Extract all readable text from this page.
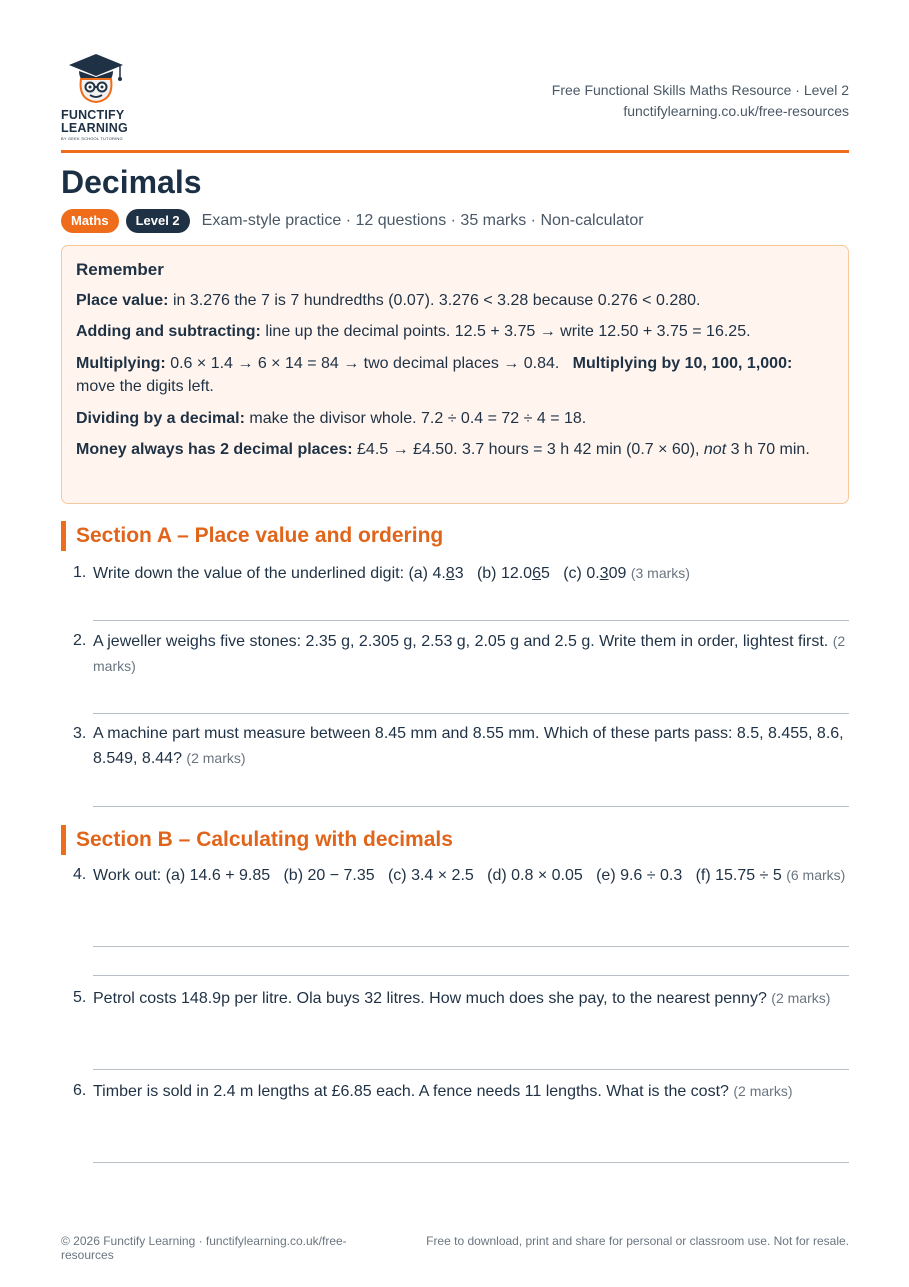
FUNCTIFY
LEARNING
BY GEEK SCHOOL TUTORING
Free Functional Skills Maths Resource · Level 2
functifylearning.co.uk/free-resources
Decimals
Maths	Level 2	Exam-style practice · 12 questions · 35 marks · Non-calculator
Remember

Place value: in 3.276 the 7 is 7 hundredths (0.07). 3.276 < 3.28 because 0.276 < 0.280.

Adding and subtracting: line up the decimal points. 12.5 + 3.75 → write 12.50 + 3.75 = 16.25.

Multiplying: 0.6 × 1.4 → 6 × 14 = 84 → two decimal places → 0.84.   Multiplying by 10, 100, 1,000: move the digits left.

Dividing by a decimal: make the divisor whole. 7.2 ÷ 0.4 = 72 ÷ 4 = 18.

Money always has 2 decimal places: £4.5 → £4.50. 3.7 hours = 3 h 42 min (0.7 × 60), not 3 h 70 min.

Section A – Place value and ordering
1. Write down the value of the underlined digit: (a) 4.83   (b) 12.065   (c) 0.309 (3 marks)
2. A jeweller weighs five stones: 2.35 g, 2.305 g, 2.53 g, 2.05 g and 2.5 g. Write them in order, lightest first. (2 marks)
3. A machine part must measure between 8.45 mm and 8.55 mm. Which of these parts pass: 8.5, 8.455, 8.6, 8.549, 8.44? (2 marks)
Section B – Calculating with decimals
4. Work out: (a) 14.6 + 9.85   (b) 20 − 7.35   (c) 3.4 × 2.5   (d) 0.8 × 0.05   (e) 9.6 ÷ 0.3   (f) 15.75 ÷ 5 (6 marks)
5. Petrol costs 148.9p per litre. Ola buys 32 litres. How much does she pay, to the nearest penny? (2 marks)
6. Timber is sold in 2.4 m lengths at £6.85 each. A fence needs 11 lengths. What is the cost? (2 marks)
© 2026 Functify Learning · functifylearning.co.uk/free-resources
Free to download, print and share for personal or classroom use. Not for resale.
